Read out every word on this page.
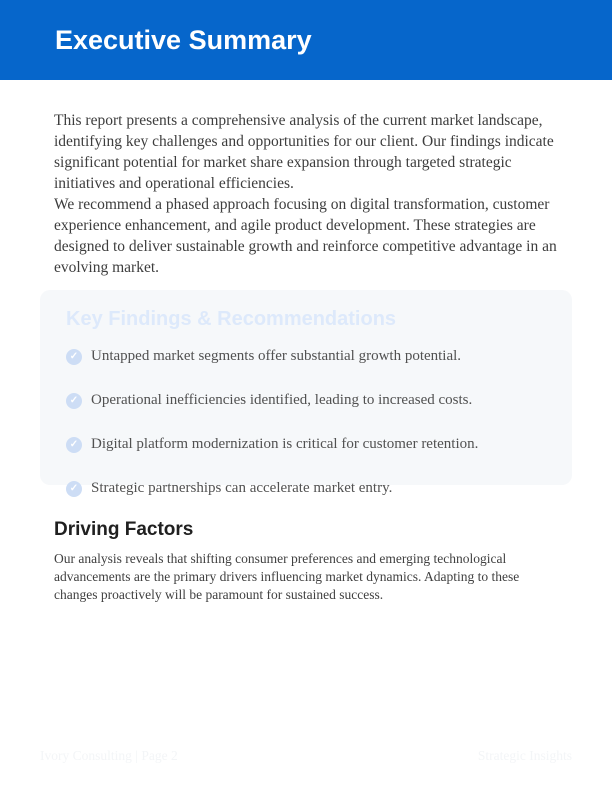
Executive Summary

This report presents a comprehensive analysis of the current market landscape, identifying key challenges and opportunities for our client. Our findings indicate significant potential for market share expansion through targeted strategic initiatives and operational efficiencies.

We recommend a phased approach focusing on digital transformation, customer experience enhancement, and agile product development. These strategies are designed to deliver sustainable growth and reinforce competitive advantage in an evolving market.

Key Findings & Recommendations
✓ Untapped market segments offer substantial growth potential.
✓ Operational inefficiencies identified, leading to increased costs.
✓ Digital platform modernization is critical for customer retention.
✓ Strategic partnerships can accelerate market entry.
Driving Factors

Our analysis reveals that shifting consumer preferences and emerging technological advancements are the primary drivers influencing market dynamics. Adapting to these changes proactively will be paramount for sustained success.

Ivory Consulting | Page 2	Strategic Insights
